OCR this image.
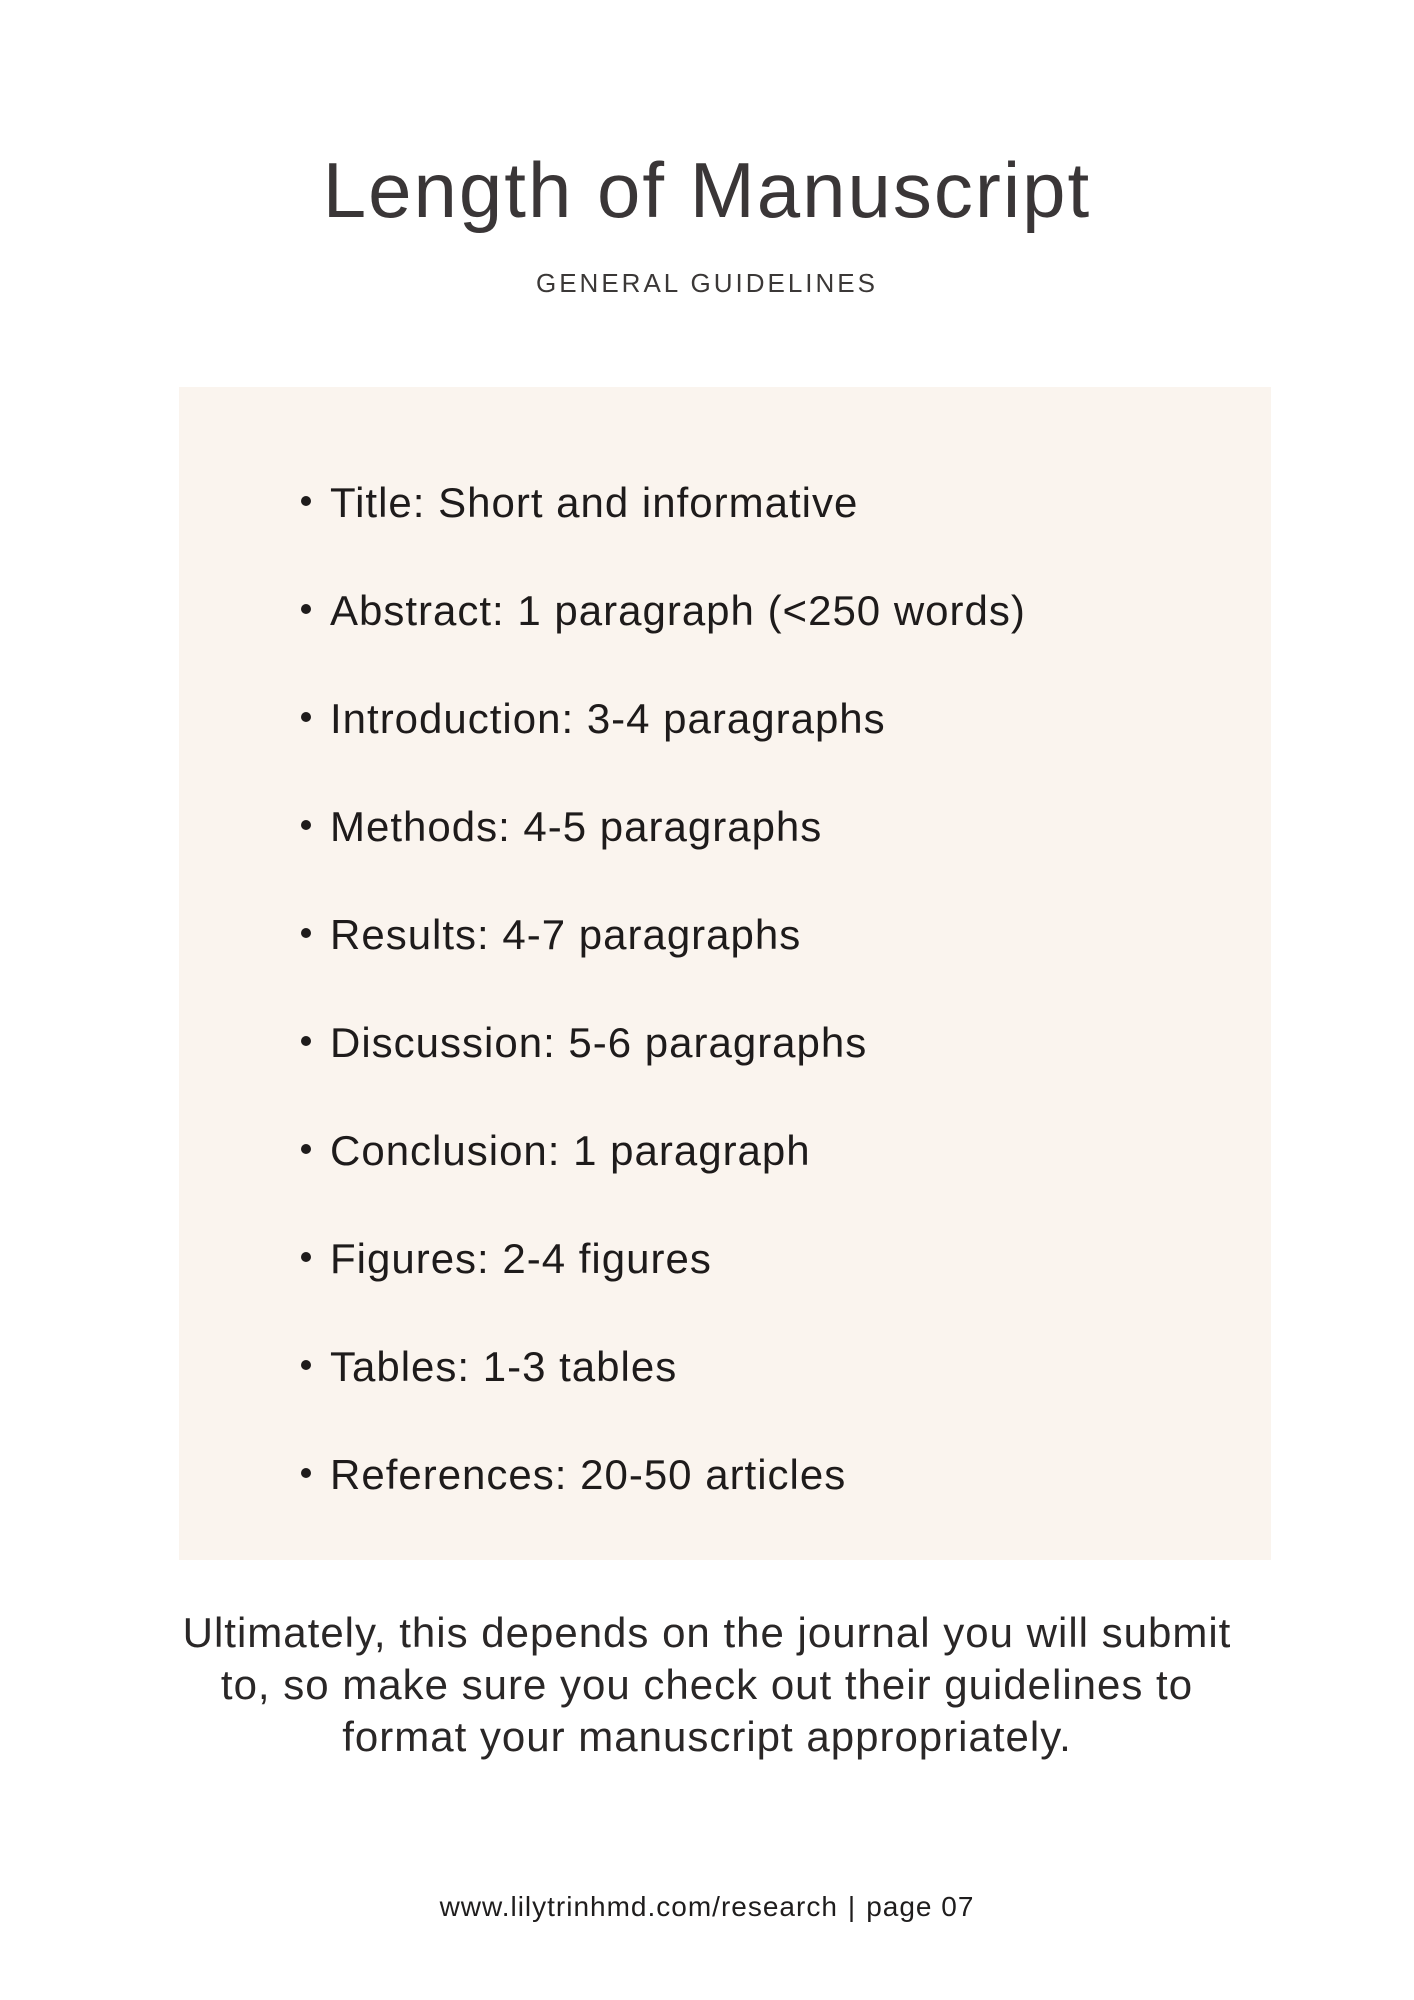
Length of Manuscript
GENERAL GUIDELINES
Title: Short and informative
Abstract: 1 paragraph (<250 words)
Introduction: 3-4 paragraphs
Methods: 4-5 paragraphs
Results: 4-7 paragraphs
Discussion: 5-6 paragraphs
Conclusion: 1 paragraph
Figures: 2-4 figures
Tables: 1-3 tables
References: 20-50 articles

Ultimately, this depends on the journal you will submit to, so make sure you check out their guidelines to format your manuscript appropriately.

www.lilytrinhmd.com/research | page 07
